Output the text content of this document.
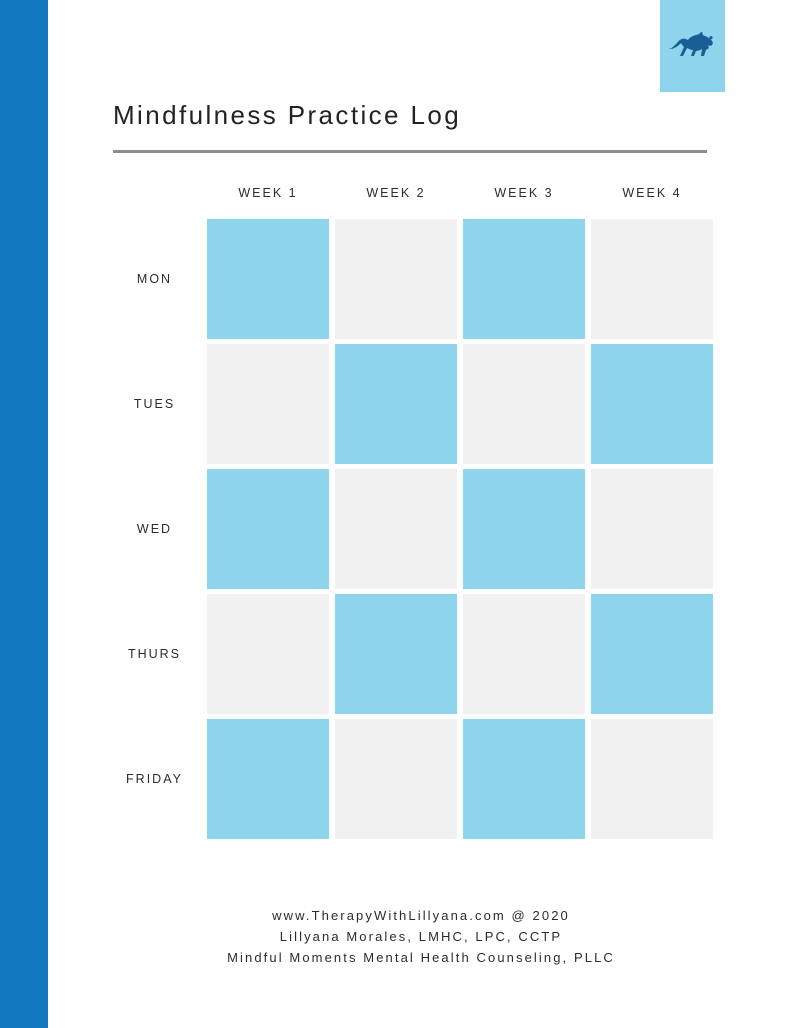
Mindfulness Practice Log
	WEEK 1	WEEK 2	WEEK 3	WEEK 4
MON	

TUES	

WED	

THURS	

FRIDAY	

www.TherapyWithLillyana.com @ 2020
Lillyana Morales, LMHC, LPC, CCTP
Mindful Moments Mental Health Counseling, PLLC
